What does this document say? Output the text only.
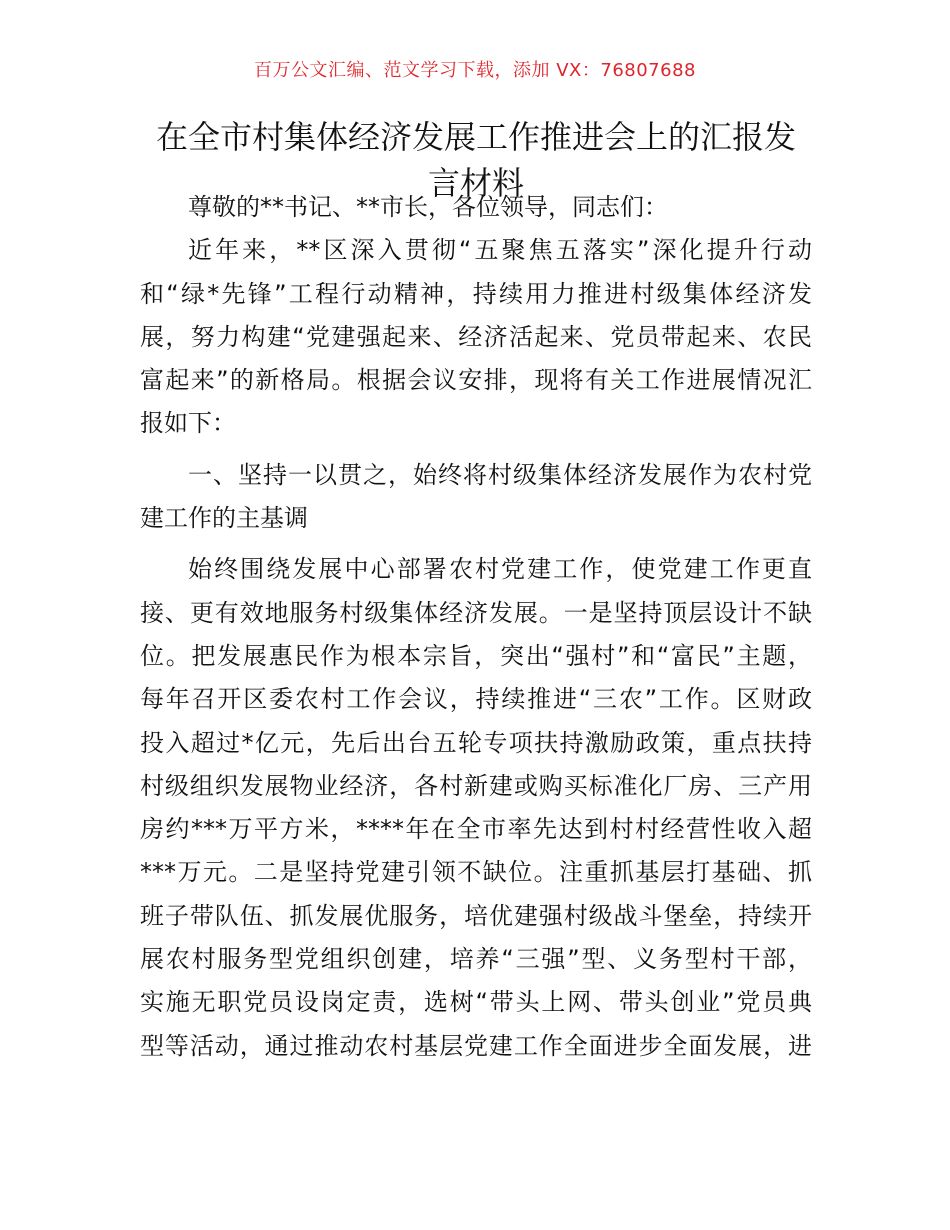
百万公文汇编、范文学习下载，添加 VX：76807688
在全市村集体经济发展工作推进会上的汇报发
言材料
尊敬的**书记、**市长，各位领导，同志们：
近年来，**区深入贯彻“五聚焦五落实”深化提升行动
和“绿*先锋”工程行动精神，持续用力推进村级集体经济发
展，努力构建“党建强起来、经济活起来、党员带起来、农民
富起来”的新格局。根据会议安排，现将有关工作进展情况汇
报如下：
一、坚持一以贯之，始终将村级集体经济发展作为农村党
建工作的主基调
始终围绕发展中心部署农村党建工作，使党建工作更直
接、更有效地服务村级集体经济发展。一是坚持顶层设计不缺
位。把发展惠民作为根本宗旨，突出“强村”和“富民”主题，
每年召开区委农村工作会议，持续推进“三农”工作。区财政
投入超过*亿元，先后出台五轮专项扶持激励政策，重点扶持
村级组织发展物业经济，各村新建或购买标准化厂房、三产用
房约***万平方米，****年在全市率先达到村村经营性收入超
***万元。二是坚持党建引领不缺位。注重抓基层打基础、抓
班子带队伍、抓发展优服务，培优建强村级战斗堡垒，持续开
展农村服务型党组织创建，培养“三强”型、义务型村干部，
实施无职党员设岗定责，选树“带头上网、带头创业”党员典
型等活动，通过推动农村基层党建工作全面进步全面发展，进
